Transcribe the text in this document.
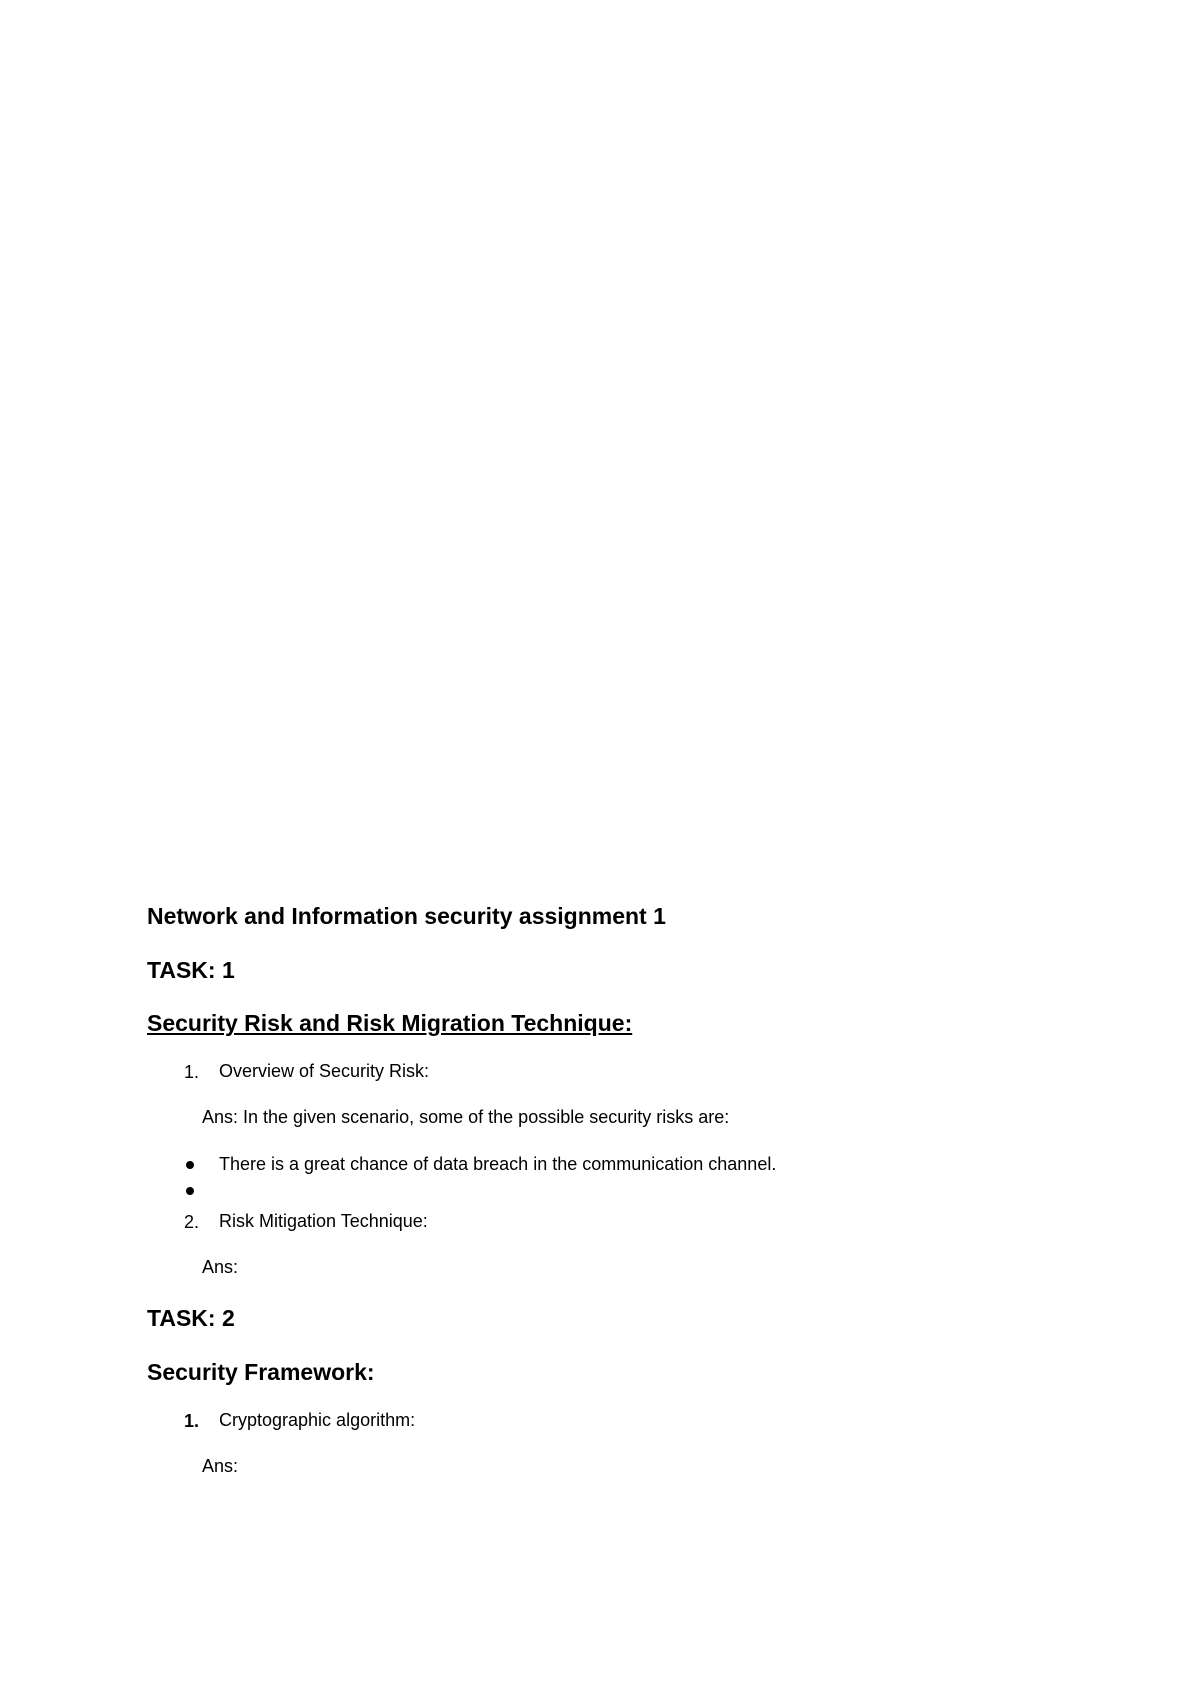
Network and Information security assignment 1
TASK: 1
Security Risk and Risk Migration Technique:
1. Overview of Security Risk:
Ans: In the given scenario, some of the possible security risks are:
There is a great chance of data breach in the communication channel.
2. Risk Mitigation Technique:
Ans:
TASK: 2
Security Framework:
1. Cryptographic algorithm:
Ans:
